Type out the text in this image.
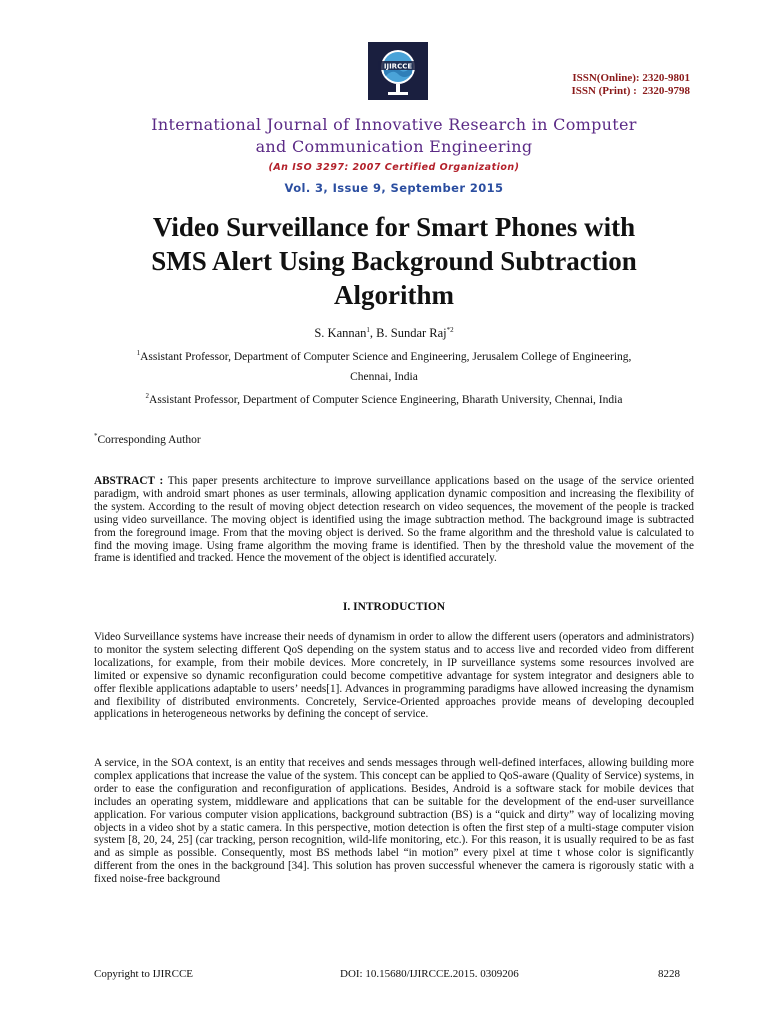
IJIRCCE
ISSN(Online): 2320-9801
ISSN (Print) :  2320-9798
International Journal of Innovative Research in Computer
and Communication Engineering
(An ISO 3297: 2007 Certified Organization)
Vol. 3, Issue 9, September 2015
Video Surveillance for Smart Phones with
SMS Alert Using Background Subtraction
Algorithm
S. Kannan$^1$, B. Sundar Raj$^{*2}$
$^1$Assistant Professor, Department of Computer Science and Engineering, Jerusalem College of Engineering,
Chennai, India
$^2$Assistant Professor, Department of Computer Science Engineering, Bharath University, Chennai, India
*Corresponding Author
ABSTRACT : This paper presents architecture to improve surveillance applications based on the usage of the service oriented paradigm, with android smart phones as user terminals, allowing application dynamic composition and increasing the flexibility of the system. According to the result of moving object detection research on video sequences, the movement of the people is tracked using video surveillance. The moving object is identified using the image subtraction method. The background image is subtracted from the foreground image. From that the moving object is derived. So the frame algorithm and the threshold value is calculated to find the moving image. Using frame algorithm the moving frame is identified. Then by the threshold value the movement of the frame is identified and tracked. Hence the movement of the object is identified accurately.
I. INTRODUCTION
Video Surveillance systems have increase their needs of dynamism in order to allow the different users (operators and administrators) to monitor the system selecting different QoS depending on the system status and to access live and recorded video from different localizations, for example, from their mobile devices. More concretely, in IP surveillance systems some resources involved are limited or expensive so dynamic reconfiguration could become competitive advantage for system integrator and designers able to offer flexible applications adaptable to users’ needs[1]. Advances in programming paradigms have allowed increasing the dynamism and flexibility of distributed environments. Concretely, Service-Oriented approaches provide means of developing decoupled applications in heterogeneous networks by defining the concept of service.
A service, in the SOA context, is an entity that receives and sends messages through well-defined interfaces, allowing building more complex applications that increase the value of the system. This concept can be applied to QoS-aware (Quality of Service) systems, in order to ease the configuration and reconfiguration of applications. Besides, Android is a software stack for mobile devices that includes an operating system, middleware and applications that can be suitable for the development of the end-user surveillance application. For various computer vision applications, background subtraction (BS) is a “quick and dirty” way of localizing moving objects in a video shot by a static camera. In this perspective, motion detection is often the first step of a multi-stage computer vision system [8, 20, 24, 25] (car tracking, person recognition, wild-life monitoring, etc.). For this reason, it is usually required to be as fast and as simple as possible. Consequently, most BS methods label “in motion” every pixel at time t whose color is significantly different from the ones in the background [34]. This solution has proven successful whenever the camera is rigorously static with a fixed noise-free background
Copyright to IJIRCCE	DOI: 10.15680/IJIRCCE.2015. 0309206	8228
